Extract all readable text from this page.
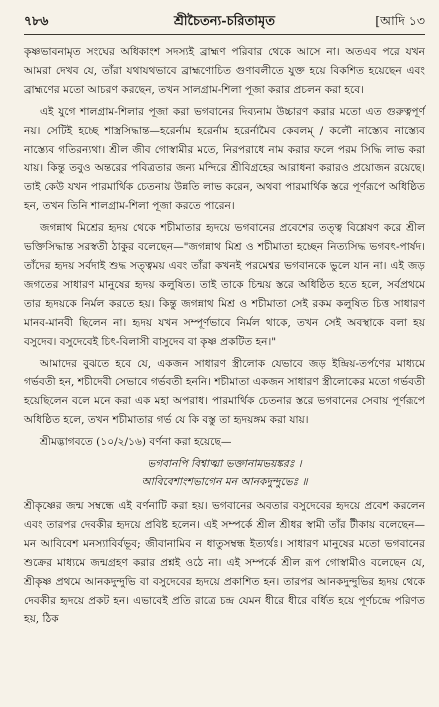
৭৮৬	শ্রীচৈতন্য-চরিতামৃত	[আদি ১৩

কৃষ্ণভাবনামৃত সংঘের অধিকাংশ সদস্যই ব্রাহ্মণ পরিবার থেকে আসে না। অতএব পরে যখন আমরা দেখব যে, তাঁরা যথাযথভাবে ব্রাহ্মণোচিত গুণাবলীতে যুক্ত হয়ে বিকশিত হয়েছেন এবং ব্রাহ্মণের মতো আচরণ করছেন, তখন সালগ্রাম-শিলা পূজা করার প্রচলন করা হবে।

এই যুগে শালগ্রাম-শিলার পূজা করা ভগবানের দিব্যনাম উচ্চারণ করার মতো এত গুরুত্বপূর্ণ নয়। সেটিই হচ্ছে শাস্ত্রসিদ্ধান্ত—হরের্নাম হরের্নাম হরের্নামৈব কেবলম্ / কলৌ নাস্ত্যেব নাস্ত্যেব নাস্ত্যেব গতিরন্যথা। শ্রীল জীব গোস্বামীর মতে, নিরপরাধে নাম করার ফলে পরম সিদ্ধি লাভ করা যায়। কিন্তু তবুও অন্তরের পবিত্রতার জন্য মন্দিরে শ্রীবিগ্রহের আরাধনা করারও প্রয়োজন রয়েছে। তাই কেউ যখন পারমার্থিক চেতনায় উন্নতি লাভ করেন, অথবা পারমার্থিক স্তরে পূর্ণরূপে অধিষ্ঠিত হন, তখন তিনি শালগ্রাম-শিলা পূজা করতে পারেন।

জগন্নাথ মিশ্রের হৃদয় থেকে শচীমাতার হৃদয়ে ভগবানের প্রবেশের তত্ত্ব বিশ্লেষণ করে শ্রীল ভক্তিসিদ্ধান্ত সরস্বতী ঠাকুর বলেছেন—"জগন্নাথ মিশ্র ও শচীমাতা হচ্ছেন নিত্যসিদ্ধ ভগবৎ-পার্ষদ। তাঁদের হৃদয় সর্বদাই শুদ্ধ সত্ত্বময় এবং তাঁরা কখনই পরমেশ্বর ভগবানকে ভুলে যান না। এই জড় জগতের সাধারণ মানুষের হৃদয় কলুষিত। তাই তাকে চিন্ময় স্তরে অধিষ্ঠিত হতে হলে, সর্বপ্রথমে তার হৃদয়কে নির্মল করতে হয়। কিন্তু জগন্নাথ মিশ্র ও শচীমাতা সেই রকম কলুষিত চিত্ত সাধারণ মানব-মানবী ছিলেন না। হৃদয় যখন সম্পূর্ণভাবে নির্মল থাকে, তখন সেই অবস্থাকে বলা হয় বসুদেব। বসুদেবেই চিৎ-বিলাসী বাসুদেব বা কৃষ্ণ প্রকটিত হন।"

আমাদের বুঝতে হবে যে, একজন সাধারণ স্ত্রীলোক যেভাবে জড় ইন্দ্রিয়-তর্পণের মাধ্যমে গর্ভবতী হন, শচীদেবী সেভাবে গর্ভবতী হননি। শচীমাতা একজন সাধারণ স্ত্রীলোকের মতো গর্ভবতী হয়েছিলেন বলে মনে করা এক মহা অপরাধ। পারমার্থিক চেতনার স্তরে ভগবানের সেবায় পূর্ণরূপে অধিষ্ঠিত হলে, তখন শচীমাতার গর্ভ যে কি বস্তু তা হৃদয়ঙ্গম করা যায়।

শ্রীমদ্ভাগবতে (১০/২/১৬) বর্ণনা করা হয়েছে—

ভগবানপি বিশ্বাত্মা ভক্তানামভয়ঙ্করঃ ।
আবিবেশাংশভাগেন মন আনকদুন্দুভেঃ ॥

শ্রীকৃষ্ণের জন্ম সম্বন্ধে এই বর্ণনাটি করা হয়। ভগবানের অবতার বসুদেবের হৃদয়ে প্রবেশ করলেন এবং তারপর দেবকীর হৃদয়ে প্রবিষ্ট হলেন। এই সম্পর্কে শ্রীল শ্রীধর স্বামী তাঁর টীকায় বলেছেন—মন আবিবেশ মনস্যাবির্বভূব; জীবানামিব ন ধাতুসম্বন্ধ ইত্যর্থঃ। সাধারণ মানুষের মতো ভগবানের শুক্রের মাধ্যমে জন্মগ্রহণ করার প্রশ্নই ওঠে না। এই সম্পর্কে শ্রীল রূপ গোস্বামীও বলেছেন যে, শ্রীকৃষ্ণ প্রথমে আনকদুন্দুভি বা বসুদেবের হৃদয়ে প্রকাশিত হন। তারপর আনকদুন্দুভির হৃদয় থেকে দেবকীর হৃদয়ে প্রকট হন। এভাবেই প্রতি রাত্রে চন্দ্র যেমন ধীরে ধীরে বর্ধিত হয়ে পূর্ণচন্দ্রে পরিণত হয়, ঠিক
